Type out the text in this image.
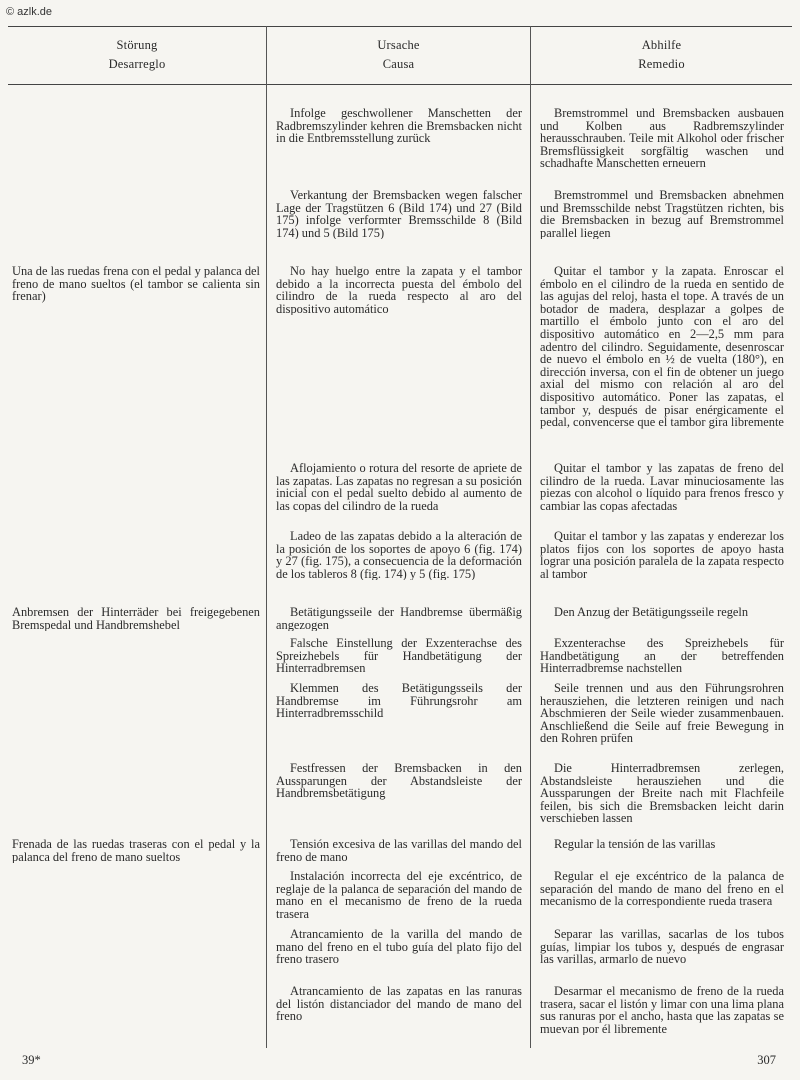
© azlk.de
Störung
Desarreglo
Ursache
Causa
Abhilfe
Remedio

Una de las ruedas frena con el pedal y palanca del freno de mano sueltos (el tambor se calienta sin frenar)

Anbremsen der Hinterräder bei freigegebenen Bremspedal und Handbremshebel

Frenada de las ruedas traseras con el pedal y la palanca del freno de mano sueltos

Infolge geschwollener Manschetten der Radbremszylinder kehren die Bremsbacken nicht in die Entbremsstellung zurück

Verkantung der Bremsbacken wegen falscher Lage der Tragstützen 6 (Bild 174) und 27 (Bild 175) infolge verformter Bremsschilde 8 (Bild 174) und 5 (Bild 175)

No hay huelgo entre la zapata y el tambor debido a la incorrecta puesta del émbolo del cilindro de la rueda respecto al aro del dispositivo automático

Aflojamiento o rotura del resorte de apriete de las zapatas. Las zapatas no regresan a su posición inicial con el pedal suelto debido al aumento de las copas del cilindro de la rueda

Ladeo de las zapatas debido a la alteración de la posición de los soportes de apoyo 6 (fig. 174) y 27 (fig. 175), a consecuencia de la deformación de los tableros 8 (fig. 174) y 5 (fig. 175)

Betätigungsseile der Handbremse übermäßig angezogen

Falsche Einstellung der Exzenterachse des Spreizhebels für Handbetätigung der Hinterradbremsen

Klemmen des Betätigungsseils der Handbremse im Führungsrohr am Hinterradbremsschild

Festfressen der Bremsbacken in den Aussparungen der Abstandsleiste der Handbremsbetätigung

Tensión excesiva de las varillas del mando del freno de mano

Instalación incorrecta del eje excéntrico, de reglaje de la palanca de separación del mando de mano en el mecanismo de freno de la rueda trasera

Atrancamiento de la varilla del mando de mano del freno en el tubo guía del plato fijo del freno trasero

Atrancamiento de las zapatas en las ranuras del listón distanciador del mando de mano del freno

Bremstrommel und Bremsbacken ausbauen und Kolben aus Radbremszylinder herausschrauben. Teile mit Alkohol oder frischer Bremsflüssigkeit sorgfältig waschen und schadhafte Manschetten erneuern

Bremstrommel und Bremsbacken abnehmen und Bremsschilde nebst Tragstützen richten, bis die Bremsbacken in bezug auf Bremstrommel parallel liegen

Quitar el tambor y la zapata. Enroscar el émbolo en el cilindro de la rueda en sentido de las agujas del reloj, hasta el tope. A través de un botador de madera, desplazar a golpes de martillo el émbolo junto con el aro del dispositivo automático en 2—2,5 mm para adentro del cilindro. Seguidamente, desenroscar de nuevo el émbolo en ½ de vuelta (180°), en dirección inversa, con el fin de obtener un juego axial del mismo con relación al aro del dispositivo automático. Poner las zapatas, el tambor y, después de pisar enérgicamente el pedal, convencerse que el tambor gira libremente

Quitar el tambor y las zapatas de freno del cilindro de la rueda. Lavar minuciosamente las piezas con alcohol o líquido para frenos fresco y cambiar las copas afectadas

Quitar el tambor y las zapatas y enderezar los platos fijos con los soportes de apoyo hasta lograr una posición paralela de la zapata respecto al tambor

Den Anzug der Betätigungsseile regeln

Exzenterachse des Spreizhebels für Handbetätigung an der betreffenden Hinterradbremse nachstellen

Seile trennen und aus den Führungsrohren herausziehen, die letzteren reinigen und nach Abschmieren der Seile wieder zusammenbauen. Anschließend die Seile auf freie Bewegung in den Rohren prüfen

Die Hinterradbremsen zerlegen, Abstandsleiste herausziehen und die Aussparungen der Breite nach mit Flachfeile feilen, bis sich die Bremsbacken leicht darin verschieben lassen

Regular la tensión de las varillas

Regular el eje excéntrico de la palanca de separación del mando de mano del freno en el mecanismo de la correspondiente rueda trasera

Separar las varillas, sacarlas de los tubos guías, limpiar los tubos y, después de engrasar las varillas, armarlo de nuevo

Desarmar el mecanismo de freno de la rueda trasera, sacar el listón y limar con una lima plana sus ranuras por el ancho, hasta que las zapatas se muevan por él libremente

39*	307
